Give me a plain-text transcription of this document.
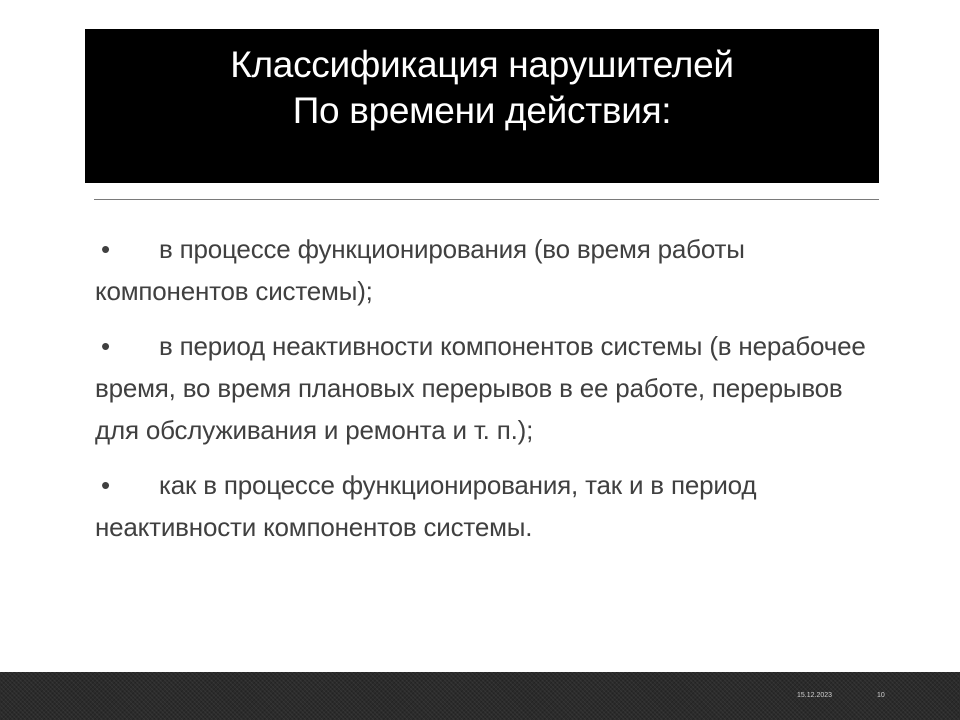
Классификация нарушителей
По времени действия:
• в процессе функционирования (во время работы компонентов системы);
• в период неактивности компонентов системы (в нерабочее время, во время плановых перерывов в ее работе, перерывов для обслуживания и ремонта и т. п.);
• как в процессе функционирования, так и в период неактивности компонентов системы.
15.12.2023	10
